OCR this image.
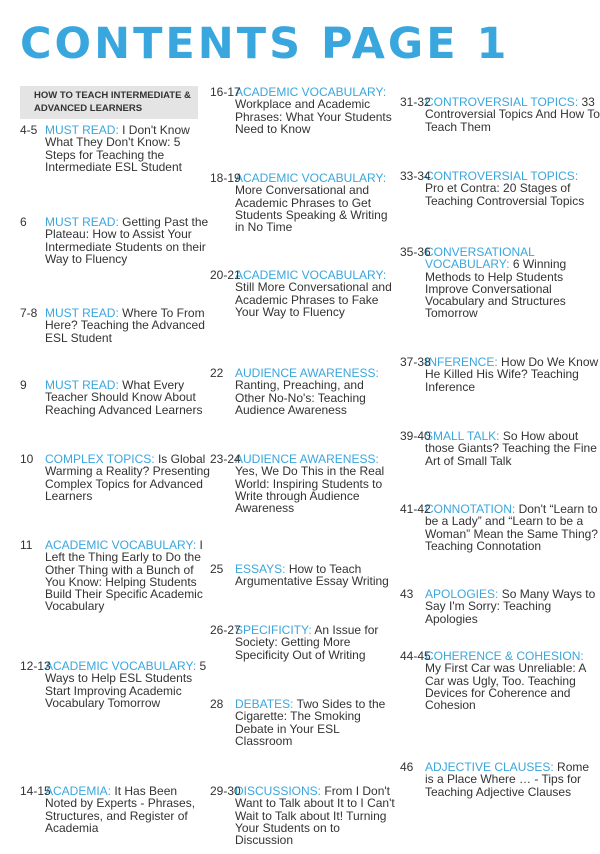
CONTENTS PAGE 1
HOW TO TEACH INTERMEDIATE & ADVANCED LEARNERS
4-5 MUST READ: I Don't Know What They Don't Know: 5 Steps for Teaching the Intermediate ESL Student
6 MUST READ: Getting Past the Plateau: How to Assist Your Intermediate Students on their Way to Fluency
7-8 MUST READ: Where To From Here? Teaching the Advanced ESL Student
9 MUST READ: What Every Teacher Should Know About Reaching Advanced Learners
10 COMPLEX TOPICS: Is Global Warming a Reality? Presenting Complex Topics for Advanced Learners
11 ACADEMIC VOCABULARY: I Left the Thing Early to Do the Other Thing with a Bunch of You Know: Helping Students Build Their Specific Academic Vocabulary
12-13
ACADEMIC VOCABULARY: 5 Ways to Help ESL Students Start Improving Academic Vocabulary Tomorrow
14-15
ACADEMIA: It Has Been Noted by Experts - Phrases, Structures, and Register of Academia
16-17
ACADEMIC VOCABULARY: Workplace and Academic Phrases: What Your Students Need to Know
18-19
ACADEMIC VOCABULARY: More Conversational and Academic Phrases to Get Students Speaking & Writing in No Time
20-21
ACADEMIC VOCABULARY: Still More Conversational and Academic Phrases to Fake Your Way to Fluency
22 AUDIENCE AWARENESS: Ranting, Preaching, and Other No-No's: Teaching Audience Awareness
23-24
AUDIENCE AWARENESS: Yes, We Do This in the Real World: Inspiring Students to Write through Audience Awareness
25 ESSAYS: How to Teach Argumentative Essay Writing
26-27
SPECIFICITY: An Issue for Society: Getting More Specificity Out of Writing
28 DEBATES: Two Sides to the Cigarette: The Smoking Debate in Your ESL Classroom
29-30
DISCUSSIONS: From I Don't Want to Talk about It to I Can't Wait to Talk about It! Turning Your Students on to Discussion
31-32
CONTROVERSIAL TOPICS: 33 Controversial Topics And How To Teach Them
33-34
CONTROVERSIAL TOPICS: Pro et Contra: 20 Stages of Teaching Controversial Topics
35-36
CONVERSATIONAL VOCABULARY: 6 Winning Methods to Help Students Improve Conversational Vocabulary and Structures Tomorrow
37-38
INFERENCE: How Do We Know He Killed His Wife? Teaching Inference
39-40
SMALL TALK: So How about those Giants? Teaching the Fine Art of Small Talk
41-42
CONNOTATION: Don't “Learn to be a Lady” and “Learn to be a Woman” Mean the Same Thing? Teaching Connotation
43 APOLOGIES: So Many Ways to Say I'm Sorry: Teaching Apologies
44-45
COHERENCE & COHESION: My First Car was Unreliable: A Car was Ugly, Too. Teaching Devices for Coherence and Cohesion
46 ADJECTIVE CLAUSES: Rome is a Place Where … - Tips for Teaching Adjective Clauses
